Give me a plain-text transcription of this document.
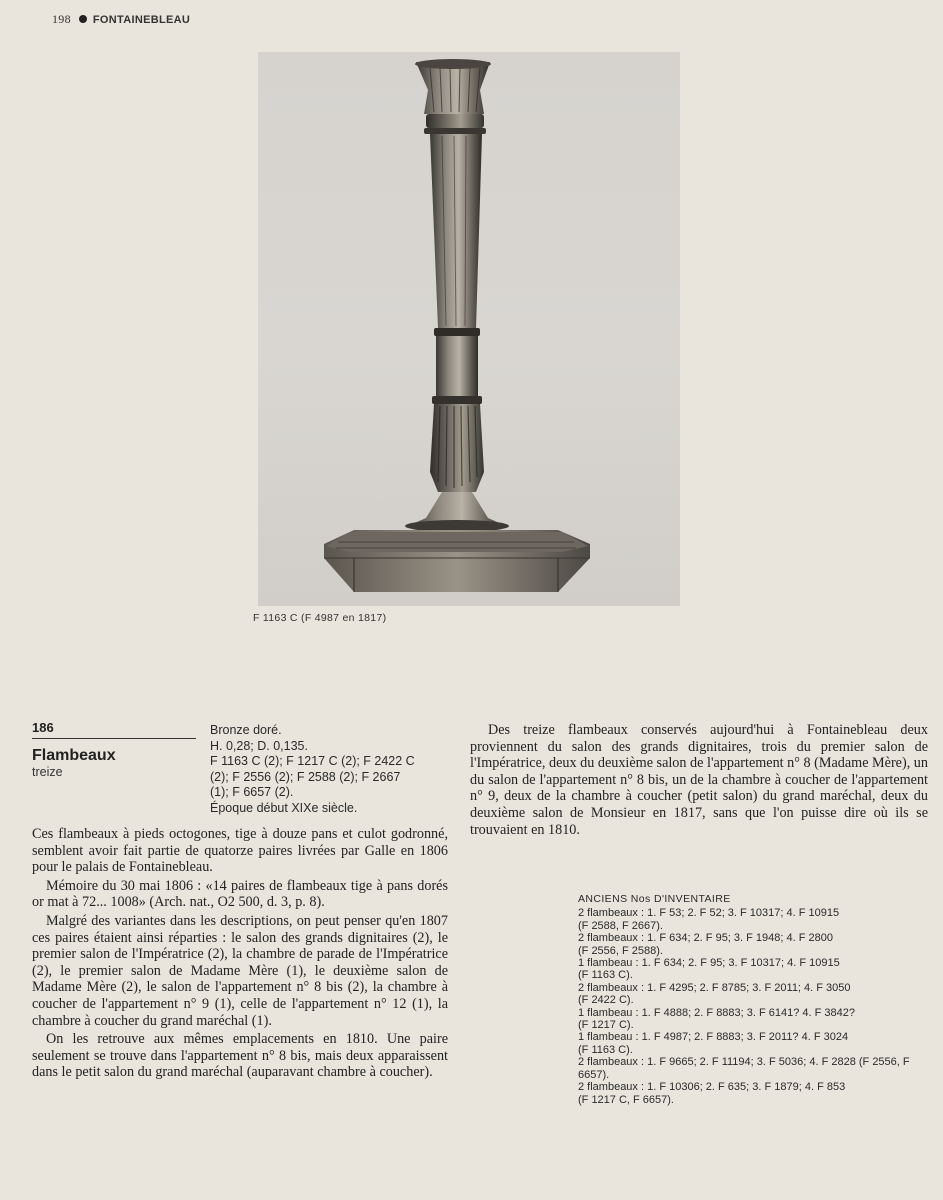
198 FONTAINEBLEAU
F 1163 C (F 4987 en 1817)
186
Flambeaux
treize
Bronze doré.
H. 0,28; D. 0,135.
F 1163 C (2); F 1217 C (2); F 2422 C
(2); F 2556 (2); F 2588 (2); F 2667
(1); F 6657 (2).
Époque début XIXe siècle.

Ces flambeaux à pieds octogones, tige à douze pans et culot godronné, semblent avoir fait partie de quatorze paires livrées par Galle en 1806 pour le palais de Fontainebleau.

Mémoire du 30 mai 1806 : «14 paires de flambeaux tige à pans dorés or mat à 72... 1008» (Arch. nat., O2 500, d. 3, p. 8).

Malgré des variantes dans les descriptions, on peut penser qu'en 1807 ces paires étaient ainsi réparties : le salon des grands dignitaires (2), le premier salon de l'Impératrice (2), la chambre de parade de l'Impératrice (2), le premier salon de Madame Mère (1), le deuxième salon de Madame Mère (2), le salon de l'appartement n° 8 bis (2), la chambre à coucher de l'appartement n° 9 (1), celle de l'appartement n° 12 (1), la chambre à coucher du grand maréchal (1).

On les retrouve aux mêmes emplacements en 1810. Une paire seulement se trouve dans l'appartement n° 8 bis, mais deux apparaissent dans le petit salon du grand maréchal (auparavant chambre à coucher).

Des treize flambeaux conservés aujourd'hui à Fontainebleau deux proviennent du salon des grands dignitaires, trois du premier salon de l'Impératrice, deux du deuxième salon de l'appartement n° 8 (Madame Mère), un du salon de l'appartement n° 8 bis, un de la chambre à coucher de l'appartement n° 9, deux de la chambre à coucher (petit salon) du grand maréchal, deux du deuxième salon de Monsieur en 1817, sans que l'on puisse dire où ils se trouvaient en 1810.

ANCIENS Nos D'INVENTAIRE
2 flambeaux : 1. F 53; 2. F 52; 3. F 10317; 4. F 10915
(F 2588, F 2667).
2 flambeaux : 1. F 634; 2. F 95; 3. F 1948; 4. F 2800
(F 2556, F 2588).
1 flambeau : 1. F 634; 2. F 95; 3. F 10317; 4. F 10915
(F 1163 C).
2 flambeaux : 1. F 4295; 2. F 8785; 3. F 2011; 4. F 3050
(F 2422 C).
1 flambeau : 1. F 4888; 2. F 8883; 3. F 6141? 4. F 3842?
(F 1217 C).
1 flambeau : 1. F 4987; 2. F 8883; 3. F 2011? 4. F 3024
(F 1163 C).
2 flambeaux : 1. F 9665; 2. F 11194; 3. F 5036; 4. F 2828 (F 2556, F 6657).
2 flambeaux : 1. F 10306; 2. F 635; 3. F 1879; 4. F 853
(F 1217 C, F 6657).
